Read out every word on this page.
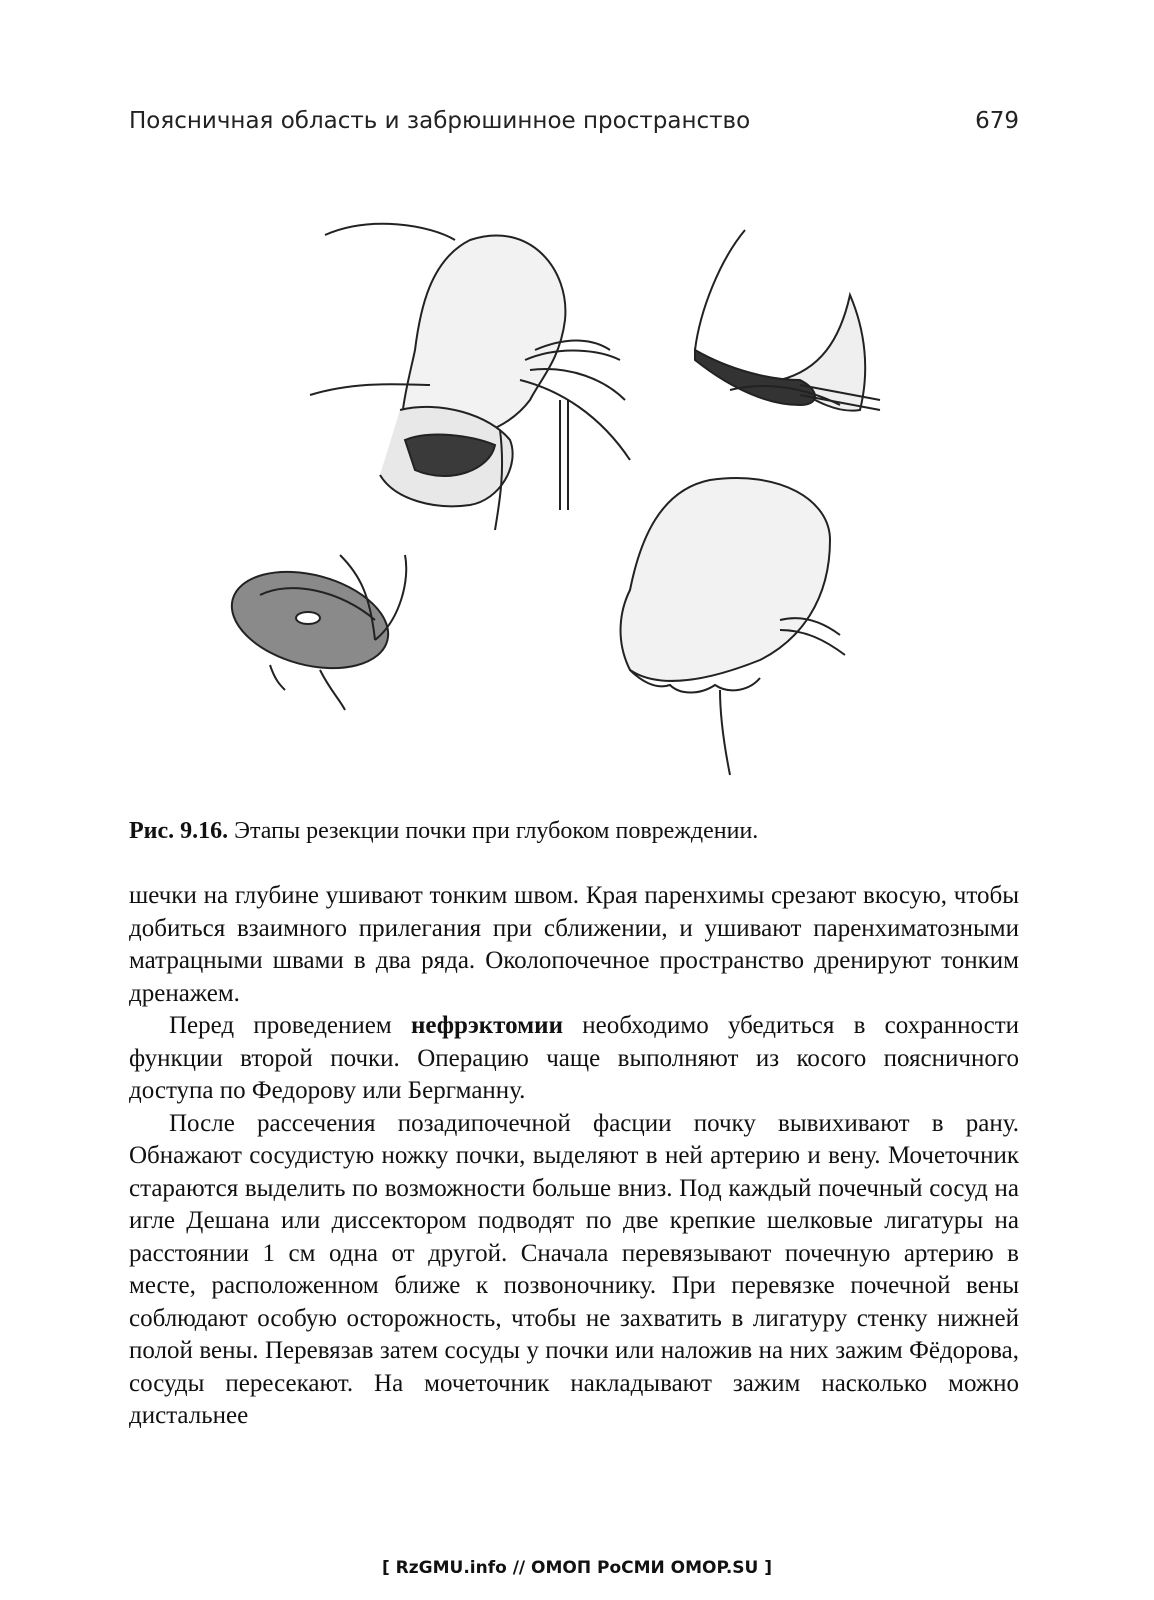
Поясничная область и забрюшинное пространство	679
Рис. 9.16. Этапы резекции почки при глубоком повреждении.

шечки на глубине ушивают тонким швом. Края паренхимы срезают вкосую, чтобы добиться взаимного прилегания при сближении, и ушивают паренхиматозными матрацными швами в два ряда. Околопочечное пространство дренируют тонким дренажем.

Перед проведением нефрэктомии необходимо убедиться в сохранности функции второй почки. Операцию чаще выполняют из косого поясничного доступа по Федорову или Бергманну.

После рассечения позадипочечной фасции почку вывихивают в рану. Обнажают сосудистую ножку почки, выделяют в ней артерию и вену. Мочеточник стараются выделить по возможности больше вниз. Под каждый почечный сосуд на игле Дешана или диссектором подводят по две крепкие шелковые лигатуры на расстоянии 1 см одна от другой. Сначала перевязывают почечную артерию в месте, расположенном ближе к позвоночнику. При перевязке почечной вены соблюдают особую осторожность, чтобы не захватить в лигатуру стенку нижней полой вены. Перевязав затем сосуды у почки или наложив на них зажим Фёдорова, сосуды пересекают. На мочеточник накладывают зажим насколько можно дистальнее

[ RzGMU.info // ОМОП РоСМИ OMOP.SU ]
